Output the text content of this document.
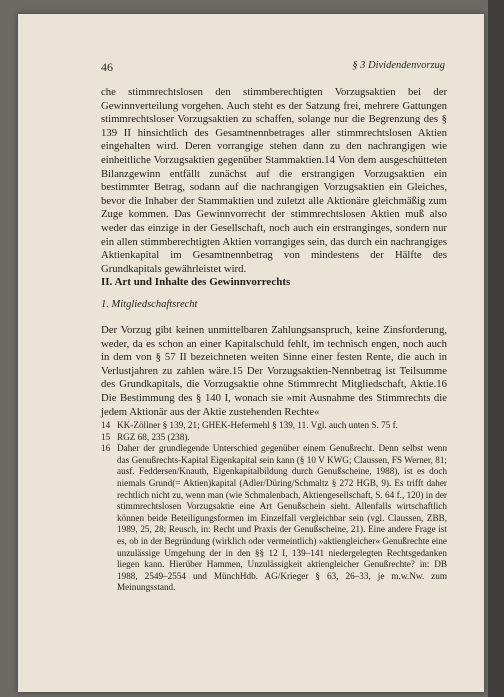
46	§ 3 Dividendenvorzug
che stimmrechtslosen den stimmberechtigten Vorzugsaktien bei der Gewinnverteilung vorgehen. Auch steht es der Satzung frei, mehrere Gattungen stimmrechtsloser Vorzugsaktien zu schaffen, solange nur die Begrenzung des § 139 II hinsichtlich des Gesamtnennbetrages aller stimmrechtslosen Aktien eingehalten wird. Deren vorrangige stehen dann zu den nachrangigen wie einheitliche Vorzugsaktien gegenüber Stammaktien.14 Von dem ausgeschütteten Bilanzgewinn entfällt zunächst auf die erstrangigen Vorzugsaktien ein bestimmter Betrag, sodann auf die nachrangigen Vorzugsaktien ein Gleiches, bevor die Inhaber der Stammaktien und zuletzt alle Aktionäre gleichmäßig zum Zuge kommen. Das Gewinnvorrecht der stimmrechtslosen Aktien muß also weder das einzige in der Gesellschaft, noch auch ein erstranginges, sondern nur ein allen stimmberechtigten Aktien vorrangiges sein, das durch ein nachrangiges Aktienkapital im Gesamtnennbetrag von mindestens der Hälfte des Grundkapitals gewährleistet wird.
II. Art und Inhalte des Gewinnvorrechts
1. Mitgliedschaftsrecht
Der Vorzug gibt keinen unmittelbaren Zahlungsanspruch, keine Zinsforderung, weder, da es schon an einer Kapitalschuld fehlt, im technisch engen, noch auch in dem von § 57 II bezeichneten weiten Sinne einer festen Rente, die auch in Verlustjahren zu zahlen wäre.15 Der Vorzugsaktien-Nennbetrag ist Teilsumme des Grundkapitals, die Vorzugsaktie ohne Stimmrecht Mitgliedschaft, Aktie.16 Die Bestimmung des § 140 I, wonach sie »mit Ausnahme des Stimmrechts die jedem Aktionär aus der Aktie zustehenden Rechte«
14 KK-Zöllner § 139, 21; GHEK-Hefermehl § 139, 11. Vgl. auch unten S. 75 f.
15 RGZ 68, 235 (238).
16 Daher der grundlegende Unterschied gegenüber einem Genußrecht. Denn selbst wenn das Genußrechts-Kapital Eigenkapital sein kann (§ 10 V KWG; Claussen, FS Werner, 81; ausf. Feddersen/Knauth, Eigenkapitalbildung durch Genußscheine, 1988), ist es doch niemals Grund(= Aktien)kapital (Adler/Düring/Schmaltz § 272 HGB, 9). Es trifft daher rechtlich nicht zu, wenn man (wie Schmalenbach, Aktiengesellschaft, S. 64 f., 120) in der stimmrechtslosen Vorzugsaktie eine Art Genußschein sieht. Allenfalls wirtschaftlich können beide Beteiligungsformen im Einzelfall vergleichbar sein (vgl. Claussen, ZBB, 1989, 25, 28; Reusch, in: Recht und Praxis der Genußscheine, 21). Eine andere Frage ist es, ob in der Begründung (wirklich oder vermeintlich) »aktiengleicher« Genußrechte eine unzulässige Umgehung der in den §§ 12 I, 139–141 niedergelegten Rechtsgedanken liegen kann. Hierüber Hammen, Unzulässigkeit aktiengleicher Genußrechte? in: DB 1988, 2549–2554 und MünchHdb. AG/Krieger § 63, 26–33, je m.w.Nw. zum Meinungsstand.
